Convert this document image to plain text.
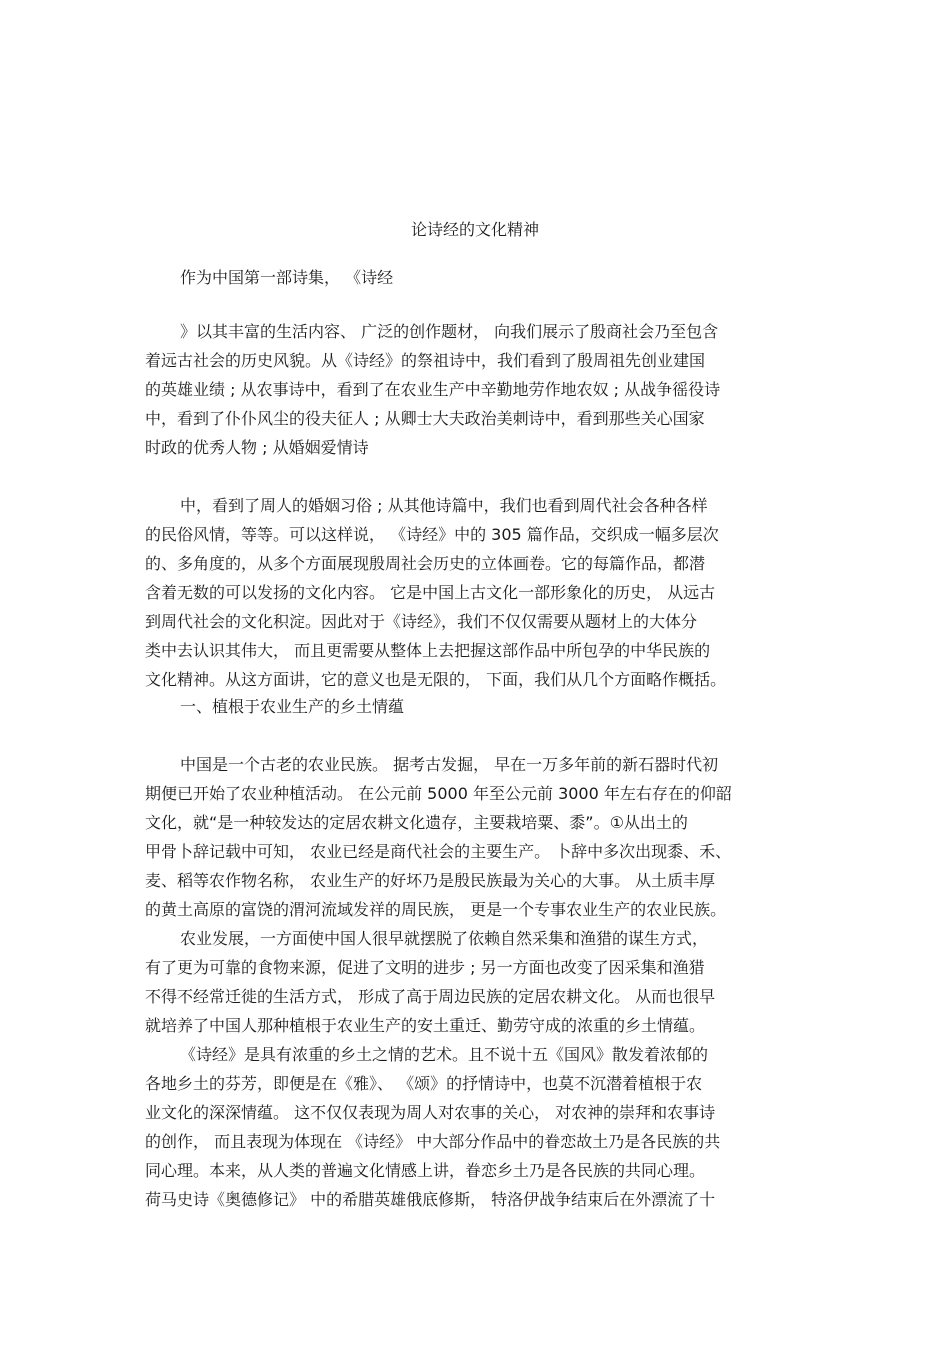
论诗经的文化精神
作为中国第一部诗集， 《诗经
》以其丰富的生活内容、 广泛的创作题材， 向我们展示了殷商社会乃至包含
着远古社会的历史风貌。从《诗经》的祭祖诗中，我们看到了殷周祖先创业建国
的英雄业绩 ; 从农事诗中，看到了在农业生产中辛勤地劳作地农奴 ; 从战争徭役诗
中，看到了仆仆风尘的役夫征人 ; 从卿士大夫政治美刺诗中，看到那些关心国家
时政的优秀人物 ; 从婚姻爱情诗
中，看到了周人的婚姻习俗 ; 从其他诗篇中，我们也看到周代社会各种各样
的民俗风情，等等。可以这样说， 《诗经》中的 305 篇作品，交织成一幅多层次
的、多角度的，从多个方面展现殷周社会历史的立体画卷。它的每篇作品，都潜
含着无数的可以发扬的文化内容。 它是中国上古文化一部形象化的历史， 从远古
到周代社会的文化积淀。因此对于《诗经》，我们不仅仅需要从题材上的大体分
类中去认识其伟大， 而且更需要从整体上去把握这部作品中所包孕的中华民族的
文化精神。从这方面讲，它的意义也是无限的， 下面，我们从几个方面略作概括。
一、植根于农业生产的乡土情蕴
中国是一个古老的农业民族。 据考古发掘， 早在一万多年前的新石器时代初
期便已开始了农业种植活动。 在公元前 5000 年至公元前 3000 年左右存在的仰韶
文化，就“是一种较发达的定居农耕文化遗存，主要栽培粟、黍”。①从出土的
甲骨卜辞记载中可知， 农业已经是商代社会的主要生产。 卜辞中多次出现黍、禾、
麦、稻等农作物名称， 农业生产的好坏乃是殷民族最为关心的大事。 从土质丰厚
的黄土高原的富饶的渭河流域发祥的周民族， 更是一个专事农业生产的农业民族。
农业发展，一方面使中国人很早就摆脱了依赖自然采集和渔猎的谋生方式，
有了更为可靠的食物来源，促进了文明的进步 ; 另一方面也改变了因采集和渔猎
不得不经常迁徙的生活方式， 形成了高于周边民族的定居农耕文化。 从而也很早
就培养了中国人那种植根于农业生产的安土重迁、勤劳守成的浓重的乡土情蕴。
《诗经》是具有浓重的乡土之情的艺术。且不说十五《国风》散发着浓郁的
各地乡土的芬芳，即便是在《雅》、 《颂》的抒情诗中，也莫不沉潜着植根于农
业文化的深深情蕴。 这不仅仅表现为周人对农事的关心， 对农神的崇拜和农事诗
的创作， 而且表现为体现在 《诗经》 中大部分作品中的眷恋故土乃是各民族的共
同心理。本来，从人类的普遍文化情感上讲，眷恋乡土乃是各民族的共同心理。
荷马史诗《奥德修记》 中的希腊英雄俄底修斯， 特洛伊战争结束后在外漂流了十
